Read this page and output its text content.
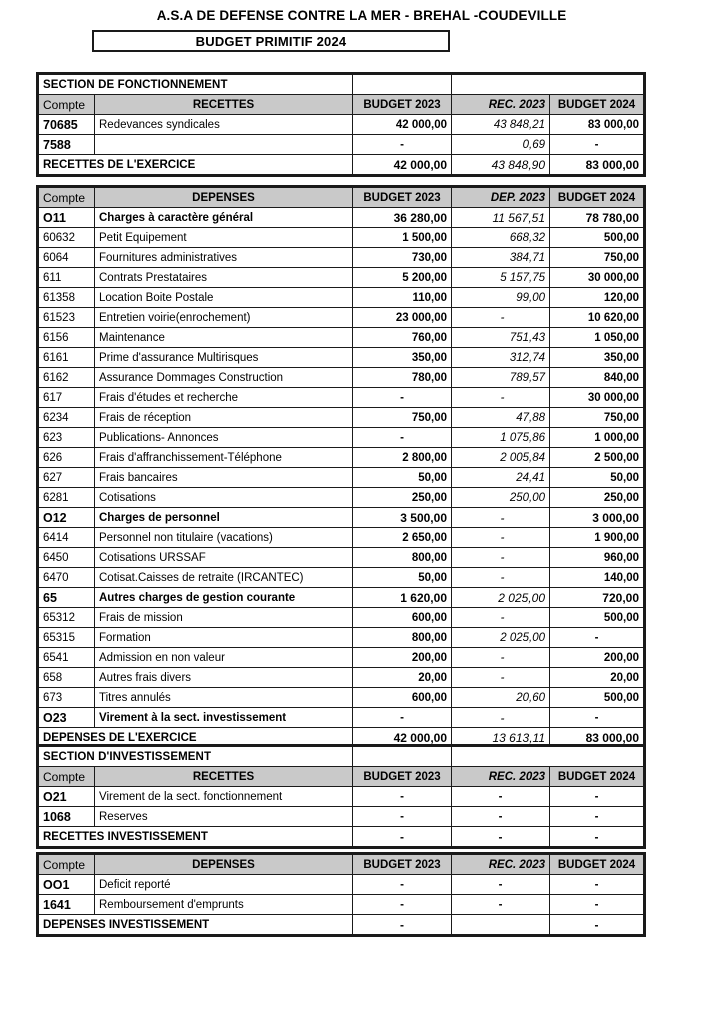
A.S.A DE DEFENSE CONTRE LA MER - BREHAL -COUDEVILLE
BUDGET PRIMITIF 2024
SECTION DE FONCTIONNEMENT				
Compte	RECETTES	BUDGET 2023	REC. 2023	BUDGET 2024
70685	Redevances syndicales	42 000,00	43 848,21	83 000,00
7588		-	0,69	-
RECETTES DE L'EXERCICE		42 000,00	43 848,90	83 000,00
Compte	DEPENSES	BUDGET 2023	DEP. 2023	BUDGET 2024
O11	Charges à caractère général	36 280,00	11 567,51	78 780,00
60632	Petit Equipement	1 500,00	668,32	500,00
6064	Fournitures administratives	730,00	384,71	750,00
611	Contrats Prestataires	5 200,00	5 157,75	30 000,00
61358	Location Boite Postale	110,00	99,00	120,00
61523	Entretien voirie(enrochement)	23 000,00	-	10 620,00
6156	Maintenance	760,00	751,43	1 050,00
6161	Prime d'assurance Multirisques	350,00	312,74	350,00
6162	Assurance Dommages Construction	780,00	789,57	840,00
617	Frais d'études et recherche	-	-	30 000,00
6234	Frais de réception	750,00	47,88	750,00
623	Publications- Annonces	-	1 075,86	1 000,00
626	Frais d'affranchissement-Téléphone	2 800,00	2 005,84	2 500,00
627	Frais bancaires	50,00	24,41	50,00
6281	Cotisations	250,00	250,00	250,00
O12	Charges de personnel	3 500,00	-	3 000,00
6414	Personnel non titulaire (vacations)	2 650,00	-	1 900,00
6450	Cotisations URSSAF	800,00	-	960,00
6470	Cotisat.Caisses de retraite (IRCANTEC)	50,00	-	140,00
65	Autres charges de gestion courante	1 620,00	2 025,00	720,00
65312	Frais de mission	600,00	-	500,00
65315	Formation	800,00	2 025,00	-
6541	Admission en non valeur	200,00	-	200,00
658	Autres frais divers	20,00	-	20,00
673	Titres annulés	600,00	20,60	500,00
O23	Virement à la sect. investissement	-	-	-
DEPENSES DE L'EXERCICE		42 000,00	13 613,11	83 000,00
SECTION D'INVESTISSEMENT				
Compte	RECETTES	BUDGET 2023	REC. 2023	BUDGET 2024
O21	Virement de la sect. fonctionnement	-	-	-
1068	Reserves	-	-	-
RECETTES INVESTISSEMENT		-	-	-
Compte	DEPENSES	BUDGET 2023	REC. 2023	BUDGET 2024
OO1	Deficit reporté	-	-	-
1641	Remboursement d'emprunts	-	-	-
DEPENSES INVESTISSEMENT		-		-
